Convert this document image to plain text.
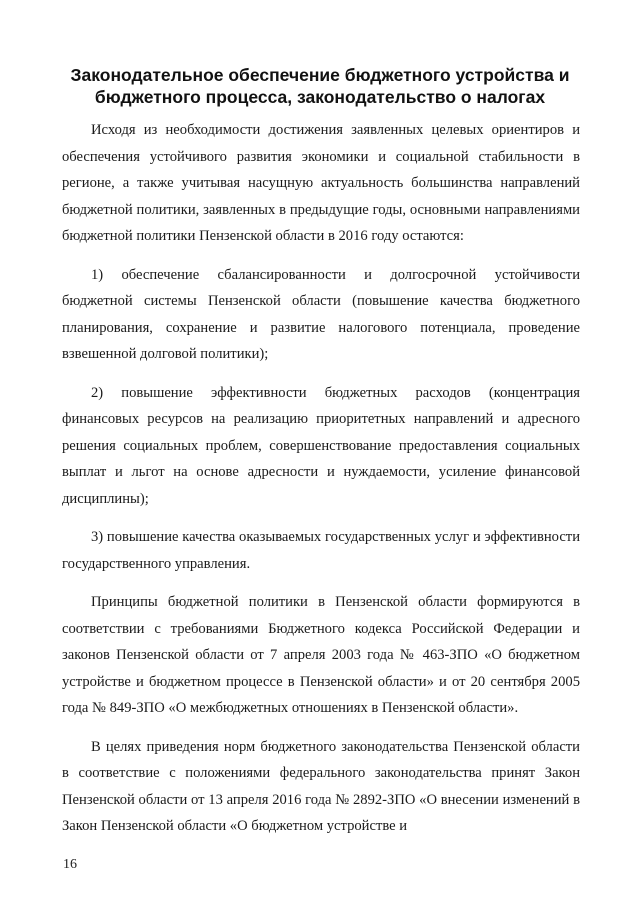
Законодательное обеспечение бюджетного устройства и бюджетного процесса, законодательство о налогах

Исходя из необходимости достижения заявленных целевых ориентиров и обеспечения устойчивого развития экономики и социальной стабильности в регионе, а также учитывая насущную актуальность большинства направлений бюджетной политики, заявленных в предыдущие годы, основными направлениями бюджетной политики Пензенской области в 2016 году остаются:

1) обеспечение сбалансированности и долгосрочной устойчивости бюджетной системы Пензенской области (повышение качества бюджетного планирования, сохранение и развитие налогового потенциала, проведение взвешенной долговой политики);

2) повышение эффективности бюджетных расходов (концентрация финансовых ресурсов на реализацию приоритетных направлений и адресного решения социальных проблем, совершенствование предоставления социальных выплат и льгот на основе адресности и нуждаемости, усиление финансовой дисциплины);

3) повышение качества оказываемых государственных услуг и эффективности государственного управления.

Принципы бюджетной политики в Пензенской области формируются в соответствии с требованиями Бюджетного кодекса Российской Федерации и законов Пензенской области от 7 апреля 2003 года № 463-ЗПО «О бюджетном устройстве и бюджетном процессе в Пензенской области» и от 20 сентября 2005 года № 849-ЗПО «О межбюджетных отношениях в Пензенской области».

В целях приведения норм бюджетного законодательства Пензенской области в соответствие с положениями федерального законодательства принят Закон Пензенской области от 13 апреля 2016 года № 2892-ЗПО «О внесении изменений в Закон Пензенской области «О бюджетном устройстве и

16
